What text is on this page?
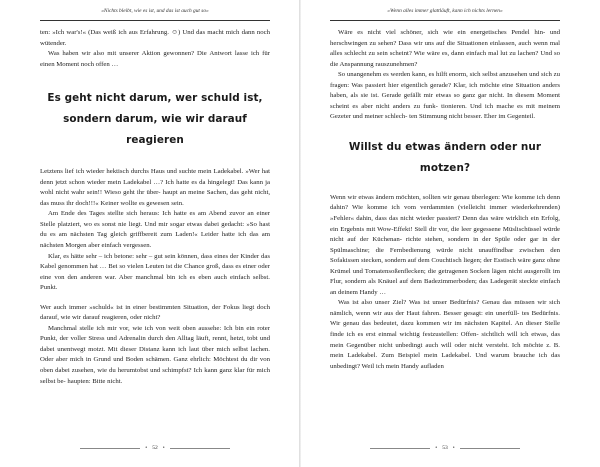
»Nichts bleibt, wie es ist, und das ist auch gut so«

ten: »Ich war's!« (Das weiß ich aus Erfahrung. ☺) Und das macht mich dann noch wütender.

Was haben wir also mit unserer Aktion gewonnen? Die Antwort lasse ich für einen Moment noch offen …

Es geht nicht darum, wer schuld ist,
sondern darum, wie wir darauf reagieren

Letztens lief ich wieder hektisch durchs Haus und suchte mein Ladekabel. »Wer hat denn jetzt schon wieder mein Ladekabel …? Ich hatte es da hingelegt! Das kann ja wohl nicht wahr sein!! Wieso geht ihr über- haupt an meine Sachen, das geht nicht, das muss ihr doch!!!« Keiner wollte es gewesen sein.

Am Ende des Tages stellte sich heraus: Ich hatte es am Abend zuvor an einer Stelle platziert, wo es sonst nie liegt. Und mir sogar etwas dabei gedacht: »So hast du es am nächsten Tag gleich griffbereit zum Laden!« Leider hatte ich das am nächsten Morgen aber einfach vergessen.

Klar, es hätte sehr – ich betone: sehr – gut sein können, dass eines der Kinder das Kabel genommen hat … Bei so vielen Leuten ist die Chance groß, dass es einer oder eine von den anderen war. Aber manchmal bin ich es eben auch einfach selbst. Punkt.

Wer auch immer »schuld« ist in einer bestimmten Situation, der Fokus liegt doch darauf, wie wir darauf reagieren, oder nicht?

Manchmal stelle ich mir vor, wie ich von weit oben aussehe: Ich bin ein roter Punkt, der voller Stress und Adrenalin durch den Alltag läuft, rennt, hetzt, tobt und dabei unentwegt motzt. Mit dieser Distanz kann ich laut über mich selbst lachen. Oder aber mich in Grund und Boden schämen. Ganz ehrlich: Möchtest du dir von oben dabei zusehen, wie du herumtobst und schimpfst? Ich kann ganz klar für mich selbst be- haupten: Bitte nicht.

• 52 •
»Wenn alles immer glattläuft, kann ich nichts lernen«

Wäre es nicht viel schöner, sich wie ein energetisches Pendel hin- und herschwingen zu sehen? Dass wir uns auf die Situationen einlassen, auch wenn mal alles schlecht zu sein scheint? Wie wäre es, dann einfach mal lut zu lachen? Und so die Anspannung rauszunehmen?

So unangenehm es werden kann, es hilft enorm, sich selbst anzusehen und sich zu fragen: Was passiert hier eigentlich gerade? Klar, ich möchte eine Situation anders haben, als sie ist. Gerade gefällt mir etwas so ganz gar nicht. In diesem Moment scheint es aber nicht anders zu funk- tionieren. Und ich mache es mit meinem Gezeter und meiner schlech- ten Stimmung nicht besser. Eher im Gegenteil.

Willst du etwas ändern oder nur motzen?

Wenn wir etwas ändern möchten, sollten wir genau überlegen: Wie komme ich denn dahin? Wie komme ich vom verdammten (vielleicht immer wiederkehrenden) »Fehler« dahin, dass das nicht wieder passiert? Denn das wäre wirklich ein Erfolg, ein Ergebnis mit Wow-Effekt! Stell dir vor, die leer gegessene Müslischüssel würde nicht auf der Küchenan- richte stehen, sondern in der Spüle oder gar in der Spülmaschine; die Fernbedienung würde nicht unauffindbar zwischen den Sofakissen stecken, sondern auf dem Couchtisch liegen; der Esstisch wäre ganz ohne Krümel und Tomatensoßenflecken; die getragenen Socken lägen nicht ausgerollt im Flur, sondern als Knäuel auf dem Badezimmerboden; das Ladegerät steckte einfach an deinem Handy …

Was ist also unser Ziel? Was ist unser Bedürfnis? Genau das müssen wir sich nämlich, wenn wir aus der Haut fahren. Besser gesagt: ein unerfüll- tes Bedürfnis. Wir genau das bedeutet, dazu kommen wir im nächsten Kapitel. An dieser Stelle finde ich es erst einmal wichtig festzustellen: Offen- sichtlich will ich etwas, das mein Gegenüber nicht unbedingt auch will oder nicht versteht. Ich möchte z. B. mein Ladekabel. Zum Beispiel mein Ladekabel. Und warum brauche ich das unbedingt? Weil ich mein Handy aufladen

• 53 •
